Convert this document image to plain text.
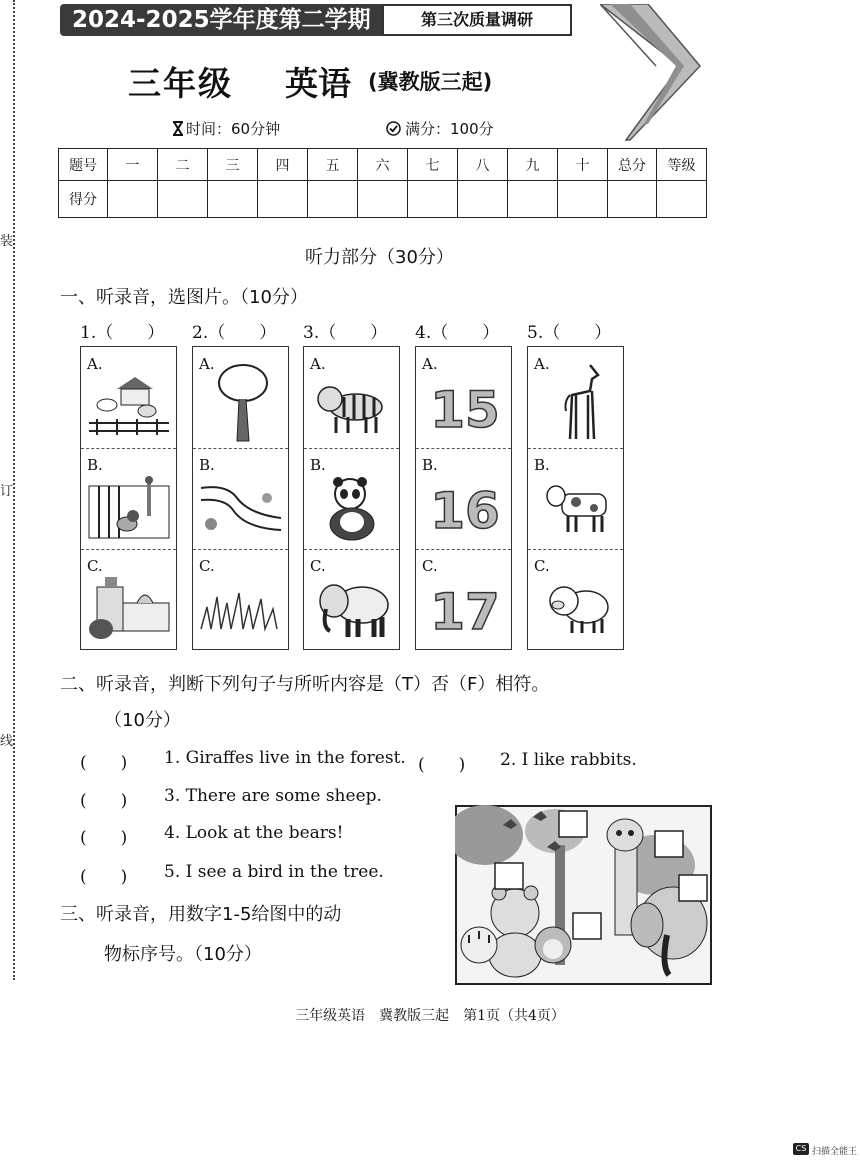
装
订
线
2024-2025学年度第二学期	第三次质量调研
三年级 英语 (冀教版三起)
时间：60分钟	满分：100分
题号	一	二	三	四	五	六	七	八	九	十	总分	等级
得分												
听力部分（30分）
一、听录音，选图片。（10分）
1.（　　） 2.（　　） 3.（　　） 4.（　　） 5.（　　）
A.
B.
C.
A.
B.
C.
A.
B.
C.
A.
15
B.
16
C.
17
A.
B.
C.
二、听录音，判断下列句子与所听内容是（T）否（F）相符。
（10分）
(　　) 1. Giraffes live in the forest. (　　) 2. I like rabbits.
(　　) 3. There are some sheep.
(　　) 4. Look at the bears!
(　　) 5. I see a bird in the tree.
三、听录音，用数字1-5给图中的动
物标序号。（10分）
三年级英语　冀教版三起　第1页（共4页）
CS 扫描全能王
